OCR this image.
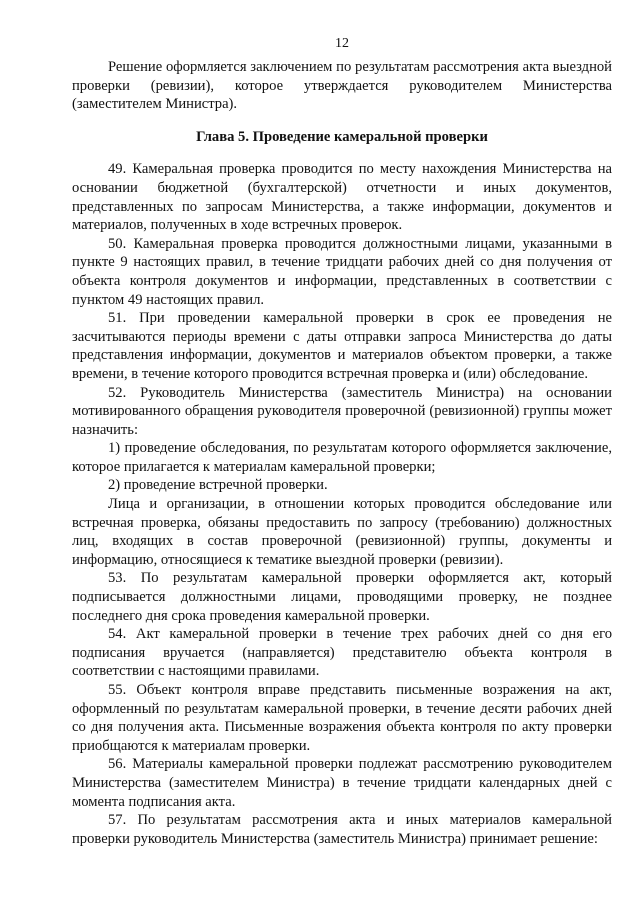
12

Решение оформляется заключением по результатам рассмотрения акта выездной проверки (ревизии), которое утверждается руководителем Министерства (заместителем Министра).

Глава 5. Проведение камеральной проверки

49. Камеральная проверка проводится по месту нахождения Министерства на основании бюджетной (бухгалтерской) отчетности и иных документов, представленных по запросам Министерства, а также информации, документов и материалов, полученных в ходе встречных проверок.

50. Камеральная проверка проводится должностными лицами, указанными в пункте 9 настоящих правил, в течение тридцати рабочих дней со дня получения от объекта контроля документов и информации, представленных в соответствии с пунктом 49 настоящих правил.

51. При проведении камеральной проверки в срок ее проведения не засчитываются периоды времени с даты отправки запроса Министерства до даты представления информации, документов и материалов объектом проверки, а также времени, в течение которого проводится встречная проверка и (или) обследование.

52. Руководитель Министерства (заместитель Министра) на основании мотивированного обращения руководителя проверочной (ревизионной) группы может назначить:

1) проведение обследования, по результатам которого оформляется заключение, которое прилагается к материалам камеральной проверки;

2) проведение встречной проверки.

Лица и организации, в отношении которых проводится обследование или встречная проверка, обязаны предоставить по запросу (требованию) должностных лиц, входящих в состав проверочной (ревизионной) группы, документы и информацию, относящиеся к тематике выездной проверки (ревизии).

53. По результатам камеральной проверки оформляется акт, который подписывается должностными лицами, проводящими проверку, не позднее последнего дня срока проведения камеральной проверки.

54. Акт камеральной проверки в течение трех рабочих дней со дня его подписания вручается (направляется) представителю объекта контроля в соответствии с настоящими правилами.

55. Объект контроля вправе представить письменные возражения на акт, оформленный по результатам камеральной проверки, в течение десяти рабочих дней со дня получения акта. Письменные возражения объекта контроля по акту проверки приобщаются к материалам проверки.

56. Материалы камеральной проверки подлежат рассмотрению руководителем Министерства (заместителем Министра) в течение тридцати календарных дней с момента подписания акта.

57. По результатам рассмотрения акта и иных материалов камеральной проверки руководитель Министерства (заместитель Министра) принимает решение:
